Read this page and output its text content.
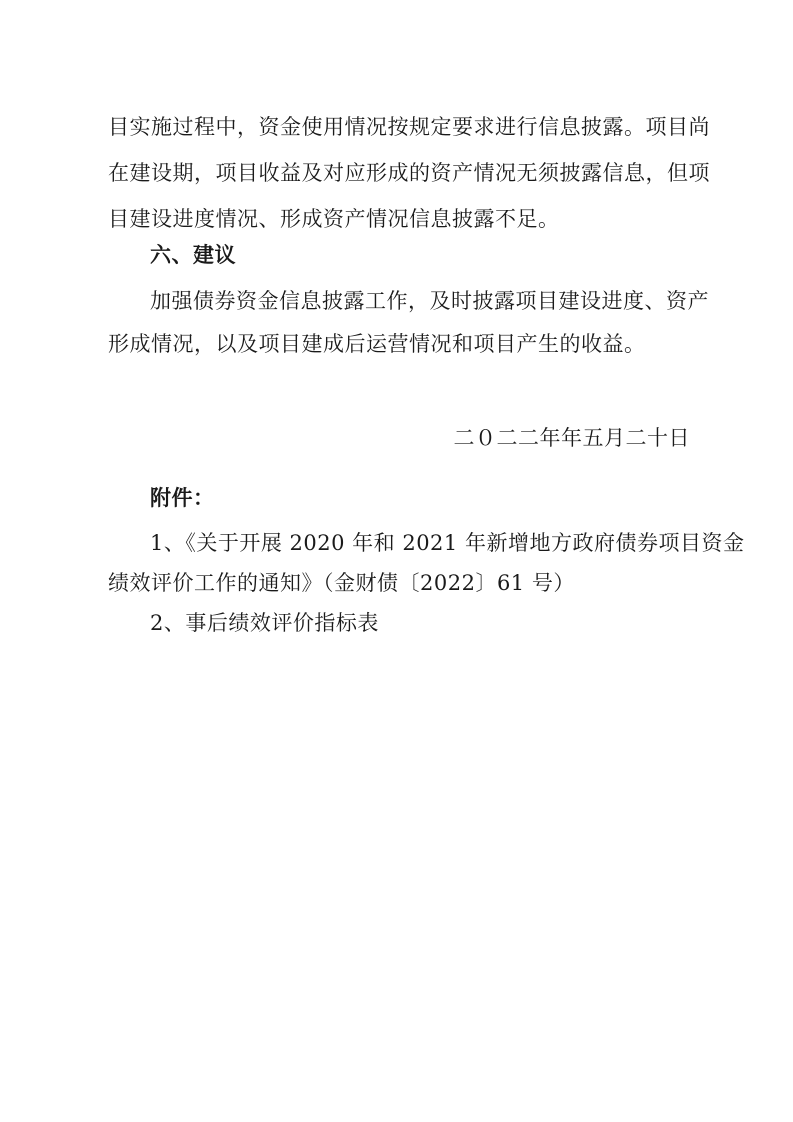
目实施过程中，资金使用情况按规定要求进行信息披露。项目尚
在建设期，项目收益及对应形成的资产情况无须披露信息，但项
目建设进度情况、形成资产情况信息披露不足。
六、建议
加强债券资金信息披露工作，及时披露项目建设进度、资产
形成情况，以及项目建成后运营情况和项目产生的收益。
二０二二年年五月二十日
附件：
1、《关于开展 2020 年和 2021 年新增地方政府债券项目资金
绩效评价工作的通知》（金财债〔2022〕61 号）
2、事后绩效评价指标表
